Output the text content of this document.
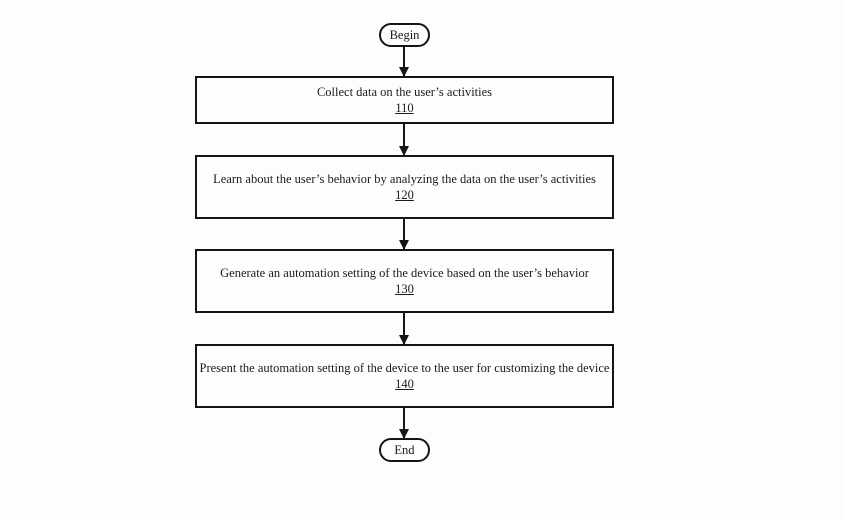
Begin
Collect data on the user’s activities
110
Learn about the user’s behavior by analyzing the data on the user’s activities
120
Generate an automation setting of the device based on the user’s behavior
130
Present the automation setting of the device to the user for customizing the device
140
End
